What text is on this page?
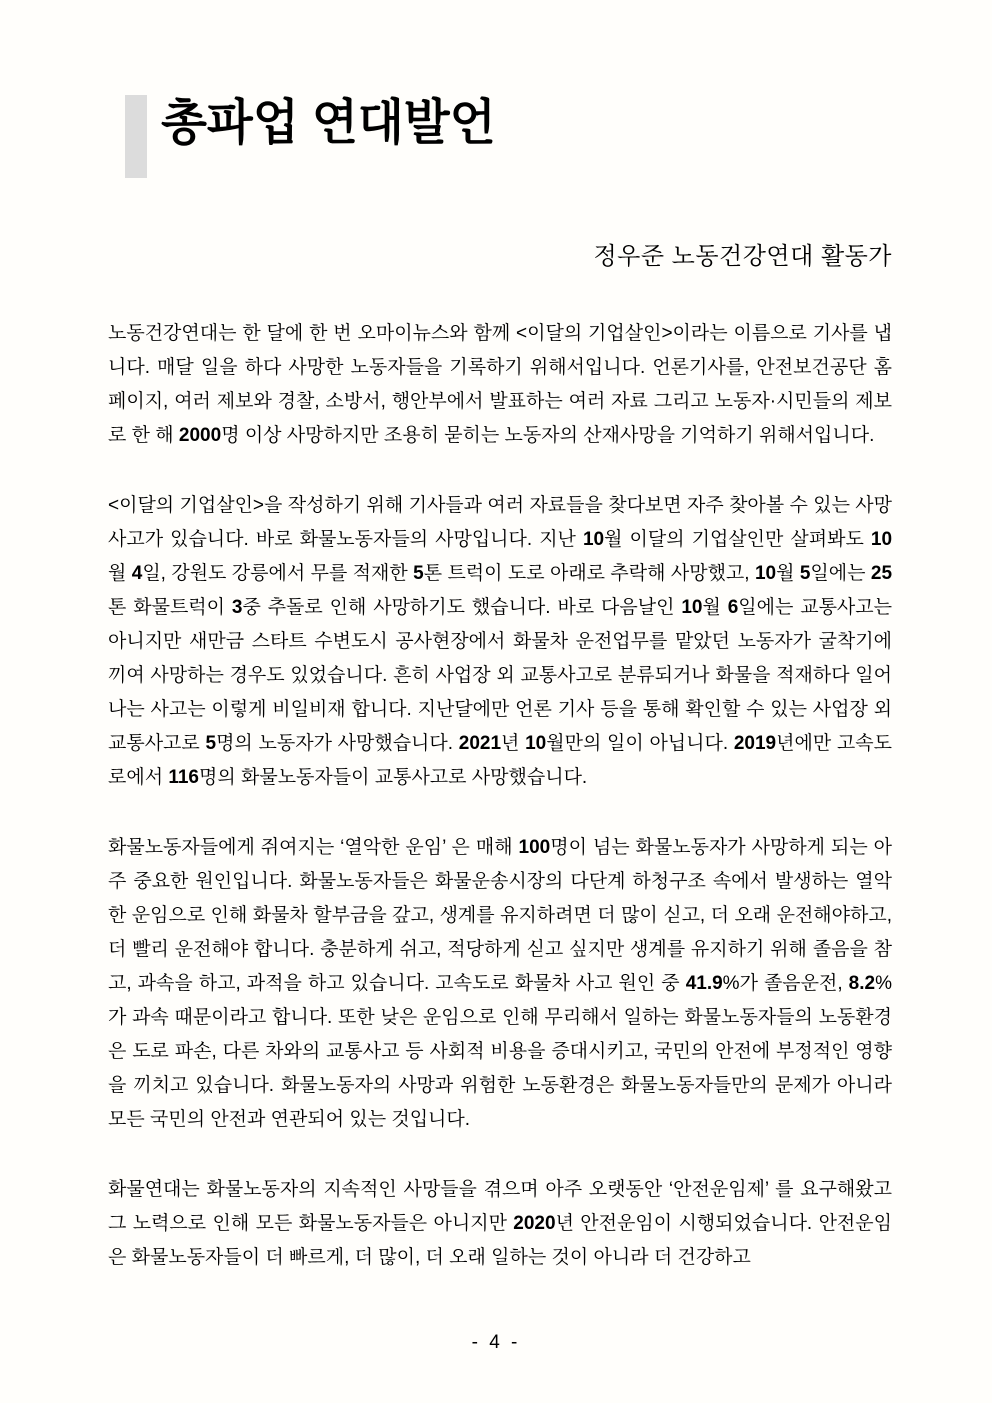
총파업 연대발언
정우준 노동건강연대 활동가

노동건강연대는 한 달에 한 번 오마이뉴스와 함께 <이달의 기업살인>이라는 이름으로 기사를 냅니다. 매달 일을 하다 사망한 노동자들을 기록하기 위해서입니다. 언론기사를, 안전보건공단 홈페이지, 여러 제보와 경찰, 소방서, 행안부에서 발표하는 여러 자료 그리고 노동자·시민들의 제보로 한 해 2000명 이상 사망하지만 조용히 묻히는 노동자의 산재사망을 기억하기 위해서입니다.

<이달의 기업살인>을 작성하기 위해 기사들과 여러 자료들을 찾다보면 자주 찾아볼 수 있는 사망사고가 있습니다. 바로 화물노동자들의 사망입니다. 지난 10월 이달의 기업살인만 살펴봐도 10월 4일, 강원도 강릉에서 무를 적재한 5톤 트럭이 도로 아래로 추락해 사망했고, 10월 5일에는 25톤 화물트럭이 3중 추돌로 인해 사망하기도 했습니다. 바로 다음날인 10월 6일에는 교통사고는 아니지만 새만금 스타트 수변도시 공사현장에서 화물차 운전업무를 맡았던 노동자가 굴착기에 끼여 사망하는 경우도 있었습니다. 흔히 사업장 외 교통사고로 분류되거나 화물을 적재하다 일어나는 사고는 이렇게 비일비재 합니다. 지난달에만 언론 기사 등을 통해 확인할 수 있는 사업장 외 교통사고로 5명의 노동자가 사망했습니다. 2021년 10월만의 일이 아닙니다. 2019년에만 고속도로에서 116명의 화물노동자들이 교통사고로 사망했습니다.

화물노동자들에게 쥐여지는 ‘열악한 운임’ 은 매해 100명이 넘는 화물노동자가 사망하게 되는 아주 중요한 원인입니다. 화물노동자들은 화물운송시장의 다단계 하청구조 속에서 발생하는 열악한 운임으로 인해 화물차 할부금을 갚고, 생계를 유지하려면 더 많이 싣고, 더 오래 운전해야하고, 더 빨리 운전해야 합니다. 충분하게 쉬고, 적당하게 싣고 싶지만 생계를 유지하기 위해 졸음을 참고, 과속을 하고, 과적을 하고 있습니다. 고속도로 화물차 사고 원인 중 41.9%가 졸음운전, 8.2%가 과속 때문이라고 합니다. 또한 낮은 운임으로 인해 무리해서 일하는 화물노동자들의 노동환경은 도로 파손, 다른 차와의 교통사고 등 사회적 비용을 증대시키고, 국민의 안전에 부정적인 영향을 끼치고 있습니다. 화물노동자의 사망과 위험한 노동환경은 화물노동자들만의 문제가 아니라 모든 국민의 안전과 연관되어 있는 것입니다.

화물연대는 화물노동자의 지속적인 사망들을 겪으며 아주 오랫동안 ‘안전운임제’ 를 요구해왔고 그 노력으로 인해 모든 화물노동자들은 아니지만 2020년 안전운임이 시행되었습니다. 안전운임은 화물노동자들이 더 빠르게, 더 많이, 더 오래 일하는 것이 아니라 더 건강하고

- 4 -
